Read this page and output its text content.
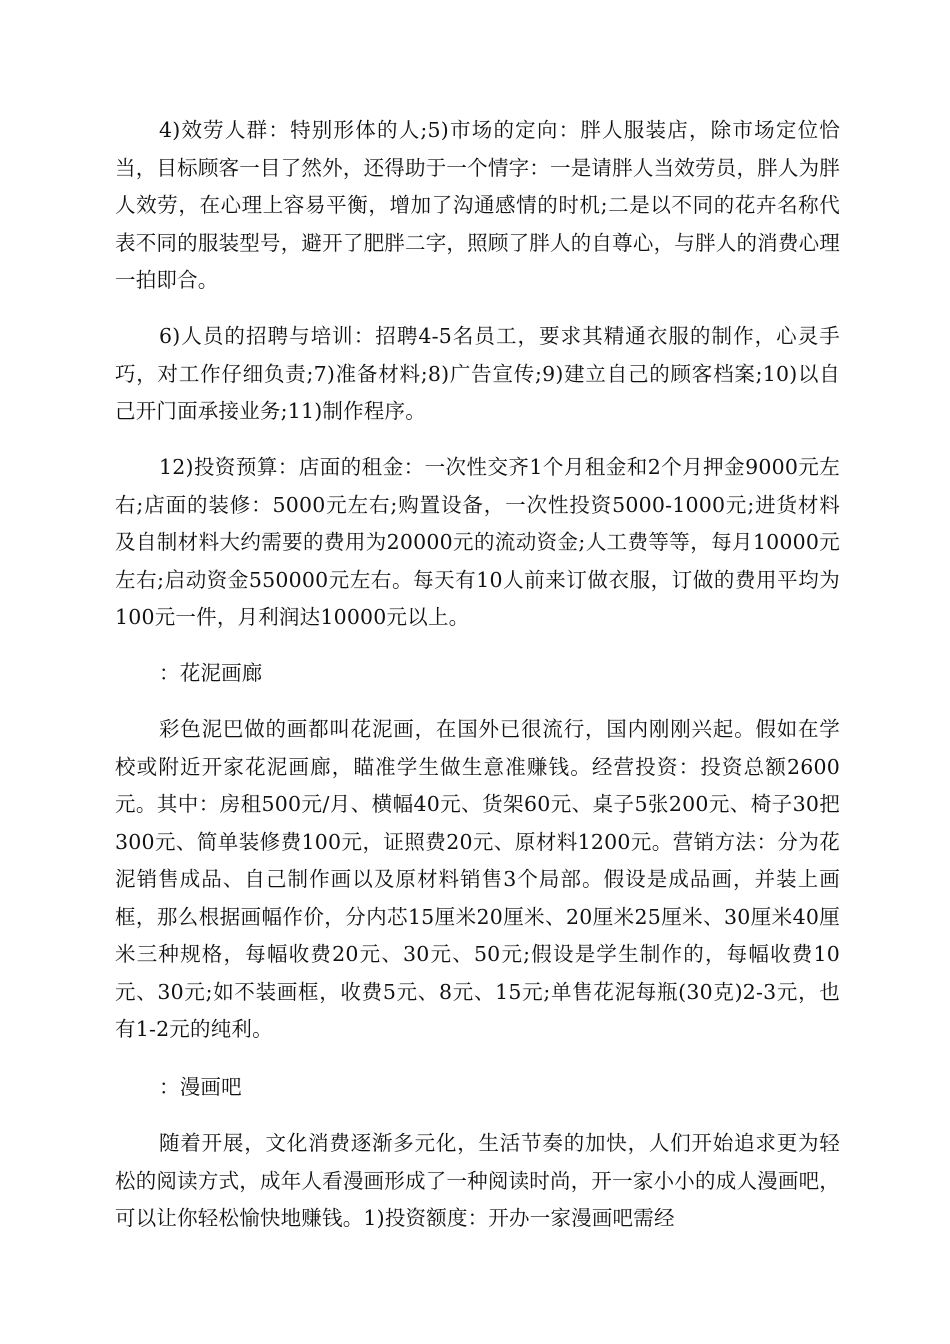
4)效劳人群：特别形体的人;5)市场的定向：胖人服装店，除市场定位恰当，目标顾客一目了然外，还得助于一个情字：一是请胖人当效劳员，胖人为胖人效劳，在心理上容易平衡，增加了沟通感情的时机;二是以不同的花卉名称代表不同的服装型号，避开了肥胖二字，照顾了胖人的自尊心，与胖人的消费心理一拍即合。

6)人员的招聘与培训：招聘4-5名员工，要求其精通衣服的制作，心灵手巧，对工作仔细负责;7)准备材料;8)广告宣传;9)建立自己的顾客档案;10)以自己开门面承接业务;11)制作程序。

12)投资预算：店面的租金：一次性交齐1个月租金和2个月押金9000元左右;店面的装修：5000元左右;购置设备，一次性投资5000-1000元;进货材料及自制材料大约需要的费用为20000元的流动资金;人工费等等，每月10000元左右;启动资金550000元左右。每天有10人前来订做衣服，订做的费用平均为100元一件，月利润达10000元以上。

：花泥画廊

彩色泥巴做的画都叫花泥画，在国外已很流行，国内刚刚兴起。假如在学校或附近开家花泥画廊，瞄准学生做生意准赚钱。经营投资：投资总额2600元。其中：房租500元/月、横幅40元、货架60元、桌子5张200元、椅子30把300元、简单装修费100元，证照费20元、原材料1200元。营销方法：分为花泥销售成品、自己制作画以及原材料销售3个局部。假设是成品画，并装上画框，那么根据画幅作价，分内芯15厘米20厘米、20厘米25厘米、30厘米40厘米三种规格，每幅收费20元、30元、50元;假设是学生制作的，每幅收费10元、30元;如不装画框，收费5元、8元、15元;单售花泥每瓶(30克)2-3元，也有1-2元的纯利。

：漫画吧

随着开展，文化消费逐渐多元化，生活节奏的加快，人们开始追求更为轻松的阅读方式，成年人看漫画形成了一种阅读时尚，开一家小小的成人漫画吧，可以让你轻松愉快地赚钱。1)投资额度：开办一家漫画吧需经
